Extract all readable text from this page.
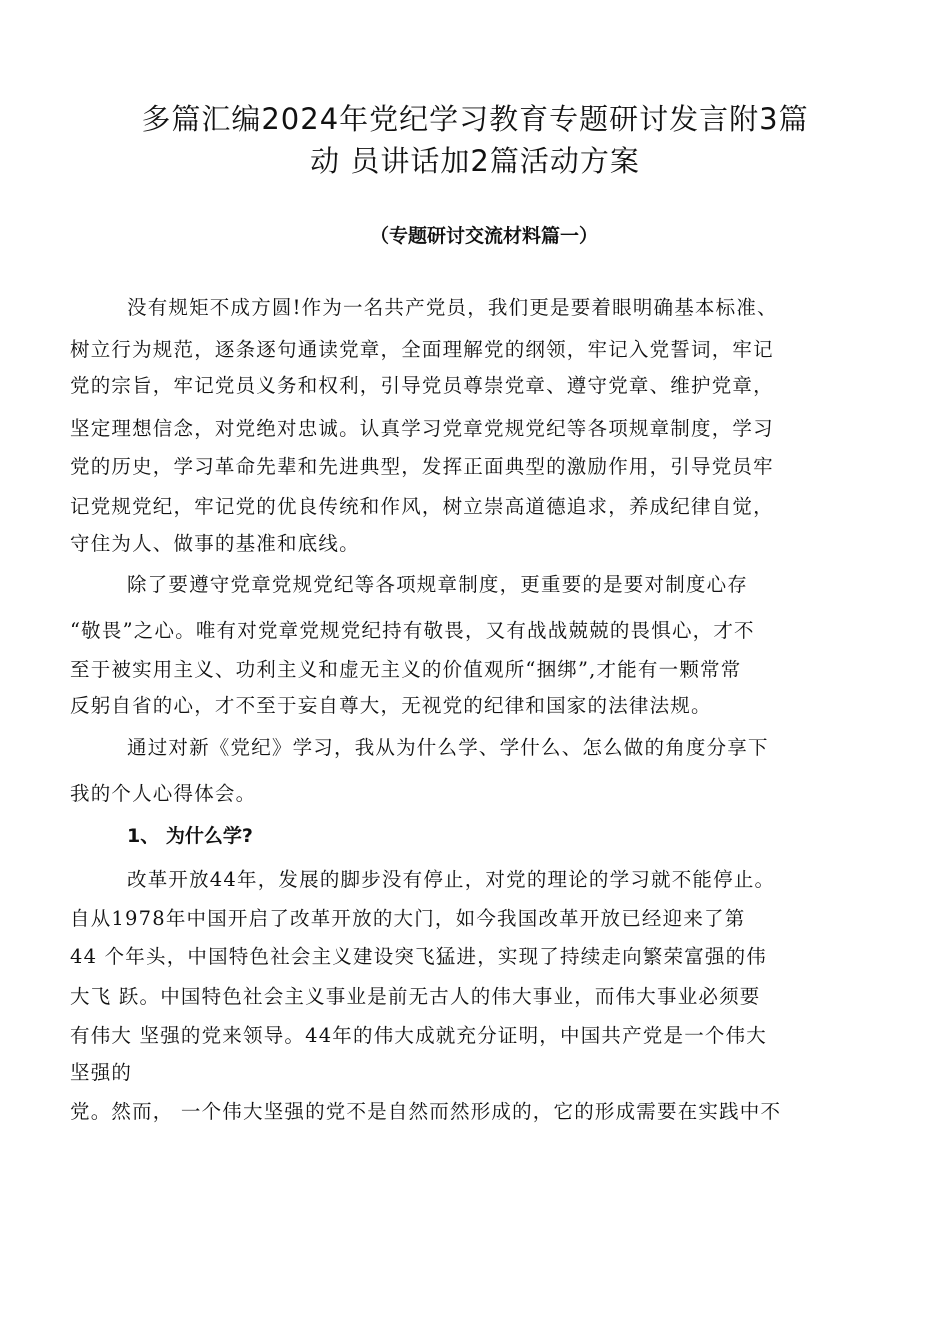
多篇汇编2024年党纪学习教育专题研讨发言附3篇
动 员讲话加2篇活动方案
（专题研讨交流材料篇一）
没有规矩不成方圆!作为一名共产党员，我们更是要着眼明确基本标准、
树立行为规范，逐条逐句通读党章，全面理解党的纲领，牢记入党誓词，牢记
党的宗旨，牢记党员义务和权利，引导党员尊崇党章、遵守党章、维护党章，
坚定理想信念，对党绝对忠诚。认真学习党章党规党纪等各项规章制度，学习
党的历史，学习革命先辈和先进典型，发挥正面典型的激励作用，引导党员牢
记党规党纪，牢记党的优良传统和作风，树立崇高道德追求，养成纪律自觉，
守住为人、做事的基准和底线。
除了要遵守党章党规党纪等各项规章制度，更重要的是要对制度心存
“敬畏”之心。唯有对党章党规党纪持有敬畏，又有战战兢兢的畏惧心，才不
至于被实用主义、功利主义和虚无主义的价值观所“捆绑”,才能有一颗常常
反躬自省的心，才不至于妄自尊大，无视党的纪律和国家的法律法规。
通过对新《党纪》学习，我从为什么学、学什么、怎么做的角度分享下
我的个人心得体会。
1、 为什么学?
改革开放44年，发展的脚步没有停止，对党的理论的学习就不能停止。
自从1978年中国开启了改革开放的大门，如今我国改革开放已经迎来了第
44 个年头，中国特色社会主义建设突飞猛进，实现了持续走向繁荣富强的伟
大飞 跃。中国特色社会主义事业是前无古人的伟大事业，而伟大事业必须要
有伟大 坚强的党来领导。44年的伟大成就充分证明，中国共产党是一个伟大
坚强的
党。然而， 一个伟大坚强的党不是自然而然形成的，它的形成需要在实践中不
